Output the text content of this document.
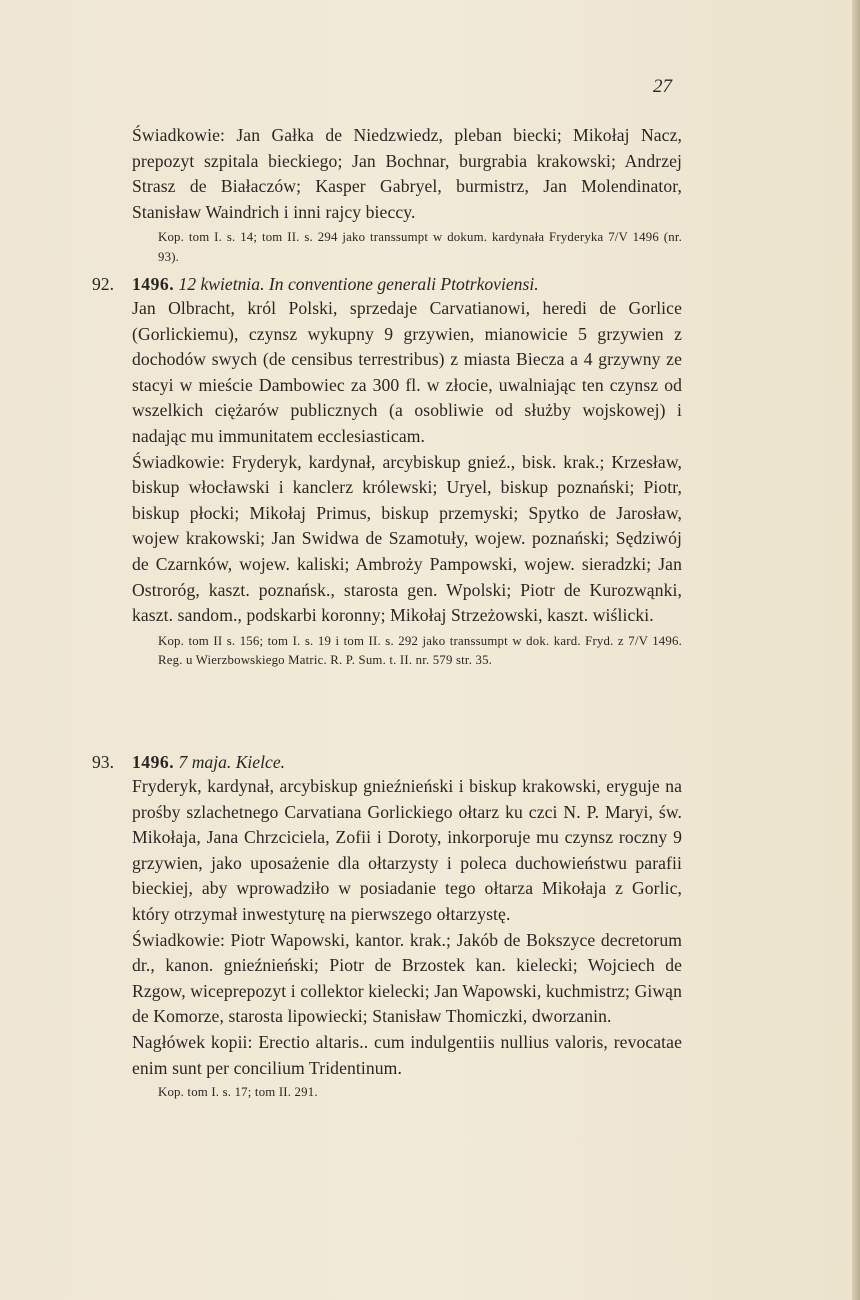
27
Świadkowie: Jan Gałka de Niedzwiedz, pleban biecki; Mikołaj Nacz, prepozyt szpitala bieckiego; Jan Bochnar, burgrabia krakowski; Andrzej Strasz de Białaczów; Kasper Gabryel, burmistrz, Jan Molendinator, Stanisław Waindrich i inni rajcy bieccy.
Kop. tom I. s. 14; tom II. s. 294 jako transsumpt w dokum. kardynała Fryderyka 7/V 1496 (nr. 93).
92. 1496. 12 kwietnia. In conventione generali Ptotrkoviensi.
Jan Olbracht, król Polski, sprzedaje Carvatianowi, heredi de Gorlice (Gorlickiemu), czynsz wykupny 9 grzywien, mianowicie 5 grzywien z dochodów swych (de censibus terrestribus) z miasta Biecza a 4 grzywny ze stacyi w mieście Dambowiec za 300 fl. w złocie, uwalniając ten czynsz od wszelkich ciężarów publicznych (a osobliwie od służby wojskowej) i nadając mu immunitatem ecclesiasticam.
Świadkowie: Fryderyk, kardynał, arcybiskup gnieź., bisk. krak.; Krzesław, biskup włocławski i kanclerz królewski; Uryel, biskup poznański; Piotr, biskup płocki; Mikołaj Primus, biskup przemyski; Spytko de Jarosław, wojew krakowski; Jan Swidwa de Szamotuły, wojew. poznański; Sędziwój de Czarnków, wojew. kaliski; Ambroży Pampowski, wojew. sieradzki; Jan Ostroróg, kaszt. poznańsk., starosta gen. Wpolski; Piotr de Kurozwąnki, kaszt. sandom., podskarbi koronny; Mikołaj Strzeżowski, kaszt. wiślicki.
Kop. tom II s. 156; tom I. s. 19 i tom II. s. 292 jako transsumpt w dok. kard. Fryd. z 7/V 1496. Reg. u Wierzbowskiego Matric. R. P. Sum. t. II. nr. 579 str. 35.
93. 1496. 7 maja. Kielce.
Fryderyk, kardynał, arcybiskup gnieźnieński i biskup krakowski, eryguje na prośby szlachetnego Carvatiana Gorlickiego ołtarz ku czci N. P. Maryi, św. Mikołaja, Jana Chrzciciela, Zofii i Doroty, inkorporuje mu czynsz roczny 9 grzywien, jako uposażenie dla ołtarzysty i poleca duchowieństwu parafii bieckiej, aby wprowadziło w posiadanie tego ołtarza Mikołaja z Gorlic, który otrzymał inwestyturę na pierwszego ołtarzystę.
Świadkowie: Piotr Wapowski, kantor. krak.; Jakób de Bokszyce decretorum dr., kanon. gnieźnieński; Piotr de Brzostek kan. kielecki; Wojciech de Rzgow, wiceprepozyt i collektor kielecki; Jan Wapowski, kuchmistrz; Giwąn de Komorze, starosta lipowiecki; Stanisław Thomiczki, dworzanin.
Nagłówek kopii: Erectio altaris.. cum indulgentiis nullius valoris, revocatae enim sunt per concilium Tridentinum.
Kop. tom I. s. 17; tom II. 291.
